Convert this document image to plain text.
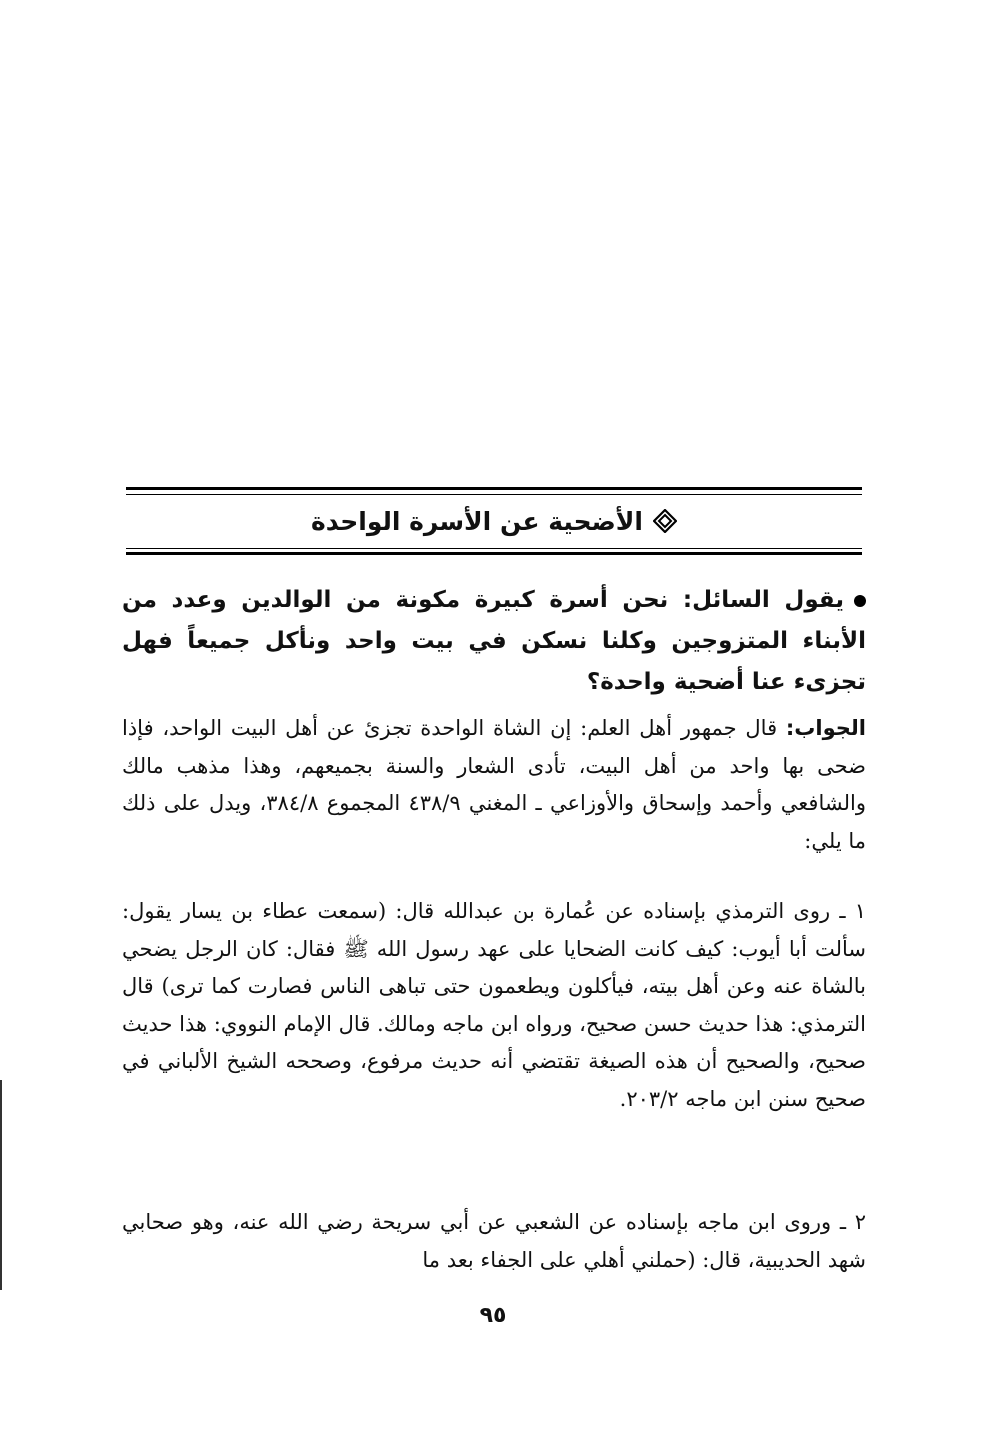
الأضحية عن الأسرة الواحدة
يقول السائل: نحن أسرة كبيرة مكونة من الوالدين وعدد من الأبناء المتزوجين وكلنا نسكن في بيت واحد ونأكل جميعاً فهل تجزىء عنا أضحية واحدة؟
الجواب: قال جمهور أهل العلم: إن الشاة الواحدة تجزئ عن أهل البيت الواحد، فإذا ضحى بها واحد من أهل البيت، تأدى الشعار والسنة بجميعهم، وهذا مذهب مالك والشافعي وأحمد وإسحاق والأوزاعي ـ المغني ٤٣٨/٩ المجموع ٣٨٤/٨، ويدل على ذلك ما يلي:
١ ـ روى الترمذي بإسناده عن عُمارة بن عبدالله قال: (سمعت عطاء بن يسار يقول: سألت أبا أيوب: كيف كانت الضحايا على عهد رسول الله ﷺ فقال: كان الرجل يضحي بالشاة عنه وعن أهل بيته، فيأكلون ويطعمون حتى تباهى الناس فصارت كما ترى) قال الترمذي: هذا حديث حسن صحيح، ورواه ابن ماجه ومالك. قال الإمام النووي: هذا حديث صحيح، والصحيح أن هذه الصيغة تقتضي أنه حديث مرفوع، وصححه الشيخ الألباني في صحيح سنن ابن ماجه ٢٠٣/٢.
٢ ـ وروى ابن ماجه بإسناده عن الشعبي عن أبي سريحة رضي الله عنه، وهو صحابي شهد الحديبية، قال: (حملني أهلي على الجفاء بعد ما
٩٥
